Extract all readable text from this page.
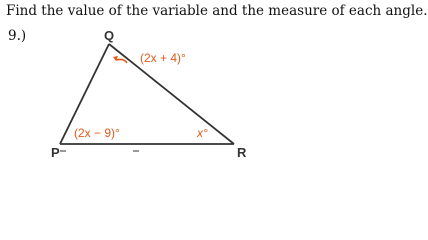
Find the value of the variable and the measure of each angle.
9.)	Q
P	R
(2x + 4)°
(2x − 9)°	x°
